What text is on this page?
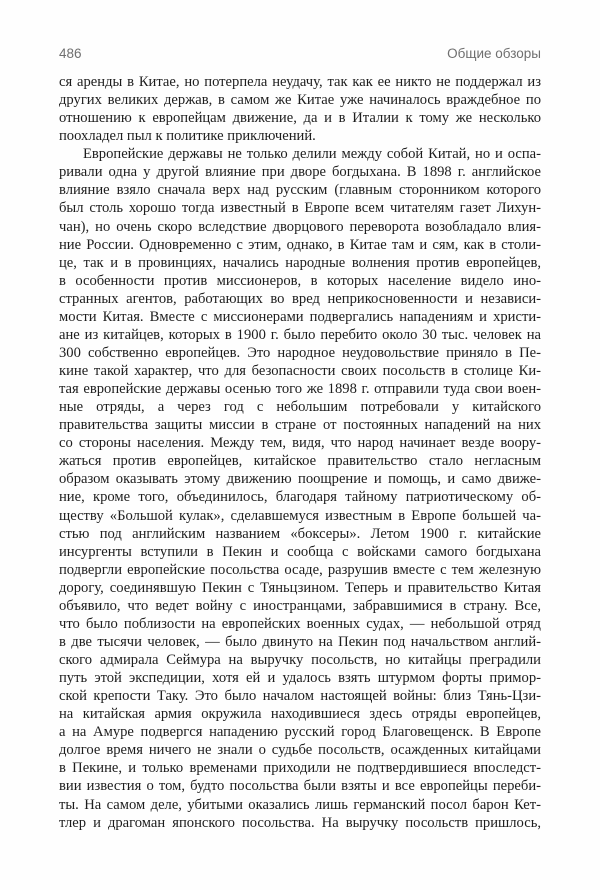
486	Общие обзоры
ся аренды в Китае, но потерпела неудачу, так как ее никто не поддержал из
других великих держав, в самом же Китае уже начиналось враждебное по
отношению к европейцам движение, да и в Италии к тому же несколько
поохладел пыл к политике приключений.
Европейские державы не только делили между собой Китай, но и оспа-
ривали одна у другой влияние при дворе богдыхана. В 1898 г. английское
влияние взяло сначала верх над русским (главным сторонником которого
был столь хорошо тогда известный в Европе всем читателям газет Лихун-
чан), но очень скоро вследствие дворцового переворота возобладало влия-
ние России. Одновременно с этим, однако, в Китае там и сям, как в столи-
це, так и в провинциях, начались народные волнения против европейцев,
в особенности против миссионеров, в которых население видело ино-
странных агентов, работающих во вред неприкосновенности и независи-
мости Китая. Вместе с миссионерами подвергались нападениям и христи-
ане из китайцев, которых в 1900 г. было перебито около 30 тыс. человек на
300 собственно европейцев. Это народное неудовольствие приняло в Пе-
кине такой характер, что для безопасности своих посольств в столице Ки-
тая европейские державы осенью того же 1898 г. отправили туда свои воен-
ные отряды, а через год с небольшим потребовали у китайского
правительства защиты миссии в стране от постоянных нападений на них
со стороны населения. Между тем, видя, что народ начинает везде воору-
жаться против европейцев, китайское правительство стало негласным
образом оказывать этому движению поощрение и помощь, и само движе-
ние, кроме того, объединилось, благодаря тайному патриотическому об-
ществу «Большой кулак», сделавшемуся известным в Европе большей ча-
стью под английским названием «боксеры». Летом 1900 г. китайские
инсургенты вступили в Пекин и сообща с войсками самого богдыхана
подвергли европейские посольства осаде, разрушив вместе с тем железную
дорогу, соединявшую Пекин с Тяньцзином. Теперь и правительство Китая
объявило, что ведет войну с иностранцами, забравшимися в страну. Все,
что было поблизости на европейских военных судах, — небольшой отряд
в две тысячи человек, — было двинуто на Пекин под начальством англий-
ского адмирала Сеймура на выручку посольств, но китайцы преградили
путь этой экспедиции, хотя ей и удалось взять штурмом форты примор-
ской крепости Таку. Это было началом настоящей войны: близ Тянь-Цзи-
на китайская армия окружила находившиеся здесь отряды европейцев,
а на Амуре подвергся нападению русский город Благовещенск. В Европе
долгое время ничего не знали о судьбе посольств, осажденных китайцами
в Пекине, и только временами приходили не подтвердившиеся впоследст-
вии известия о том, будто посольства были взяты и все европейцы переби-
ты. На самом деле, убитыми оказались лишь германский посол барон Кет-
тлер и драгоман японского посольства. На выручку посольств пришлось,
